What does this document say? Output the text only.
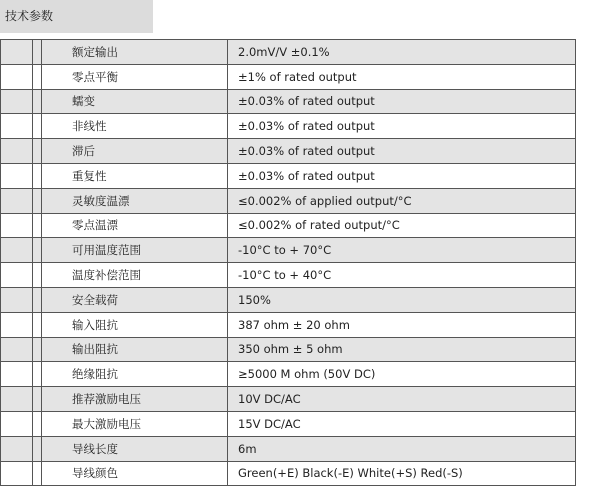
技术参数
		额定输出	2.0mV/V ±0.1%
		零点平衡	±1% of rated output
		蠕变	±0.03% of rated output
		非线性	±0.03% of rated output
		滞后	±0.03% of rated output
		重复性	±0.03% of rated output
		灵敏度温漂	≤0.002% of applied output/°C
		零点温漂	≤0.002% of rated output/°C
		可用温度范围	-10°C to + 70°C
		温度补偿范围	-10°C to + 40°C
		安全载荷	150%
		输入阻抗	387 ohm ± 20 ohm
		输出阻抗	350 ohm ± 5 ohm
		绝缘阻抗	≥5000 M ohm (50V DC)
		推荐激励电压	10V DC/AC
		最大激励电压	15V DC/AC
		导线长度	6m
		导线颜色	Green(+E) Black(-E) White(+S) Red(-S)
